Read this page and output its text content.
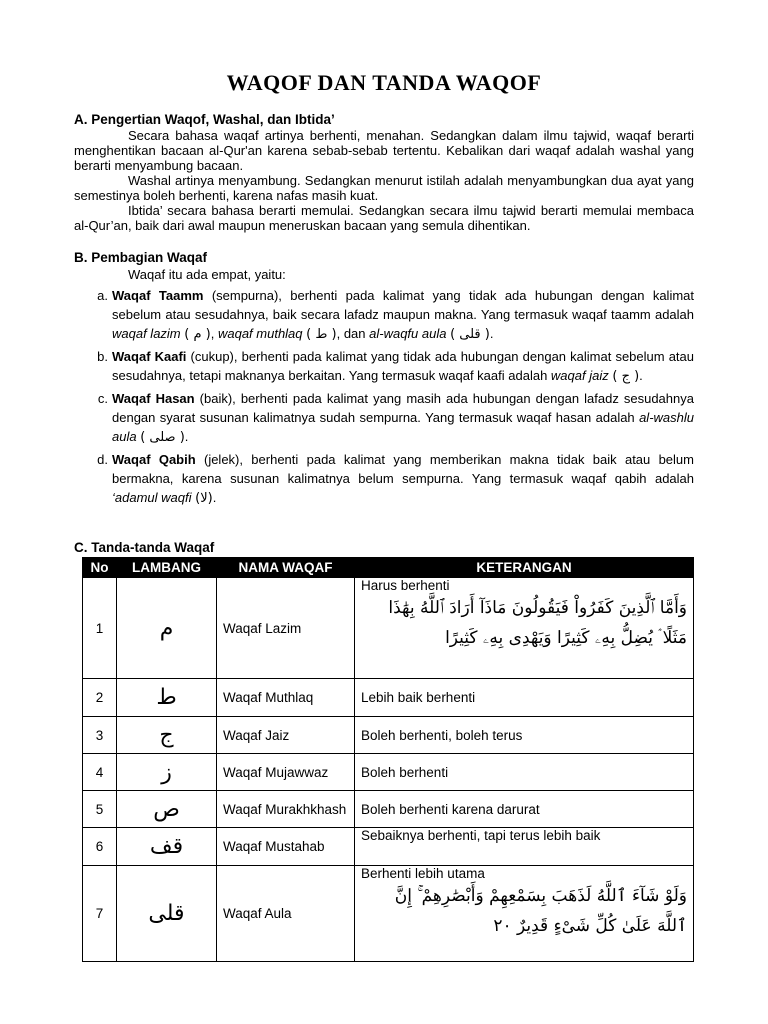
WAQOF DAN TANDA WAQOF

A. Pengertian Waqof, Washal, dan Ibtida’

Secara bahasa waqaf artinya berhenti, menahan. Sedangkan dalam ilmu tajwid, waqaf berarti menghentikan bacaan al-Qur'an karena sebab-sebab tertentu. Kebalikan dari waqaf adalah washal yang berarti menyambung bacaan.

Washal artinya menyambung. Sedangkan menurut istilah adalah menyambungkan dua ayat yang semestinya boleh berhenti, karena nafas masih kuat.

Ibtida’ secara bahasa berarti memulai. Sedangkan secara ilmu tajwid berarti memulai membaca al-Qur’an, baik dari awal maupun meneruskan bacaan yang semula dihentikan.

B. Pembagian Waqaf

Waqaf itu ada empat, yaitu:

a. Waqaf Taamm (sempurna), berhenti pada kalimat yang tidak ada hubungan dengan kalimat sebelum atau sesudahnya, baik secara lafadz maupun makna. Yang termasuk waqaf taamm adalah waqaf lazim ( م ), waqaf muthlaq ( ط ), dan al-waqfu aula ( قلى ).
b. Waqaf Kaafi (cukup), berhenti pada kalimat yang tidak ada hubungan dengan kalimat sebelum atau sesudahnya, tetapi maknanya berkaitan. Yang termasuk waqaf kaafi adalah waqaf jaiz ( ج ).
c. Waqaf Hasan (baik), berhenti pada kalimat yang masih ada hubungan dengan lafadz sesudahnya dengan syarat susunan kalimatnya sudah sempurna. Yang termasuk waqaf hasan adalah al-washlu aula ( صلى ).
d. Waqaf Qabih (jelek), berhenti pada kalimat yang memberikan makna tidak baik atau belum bermakna, karena susunan kalimatnya belum sempurna. Yang termasuk waqaf qabih adalah ‘adamul waqfi (لا).

C. Tanda-tanda Waqaf

No	LAMBANG	NAMA WAQAF	KETERANGAN
1	م	Waqaf Lazim	Harus berhenti
وَأَمَّا ٱلَّذِينَ كَفَرُواْ فَيَقُولُونَ مَاذَآ أَرَادَ ٱللَّهُ بِهَٰذَا مَثَلًا ۘ يُضِلُّ بِهِۦ كَثِيرًا وَيَهْدِى بِهِۦ كَثِيرًا

2	ط	Waqaf Muthlaq	Lebih baik berhenti
3	ج	Waqaf Jaiz	Boleh berhenti, boleh terus
4	ز	Waqaf Mujawwaz	Boleh berhenti
5	ص	Waqaf Murakhkhash	Boleh berhenti karena darurat
6	قف	Waqaf Mustahab	Sebaiknya berhenti, tapi terus lebih baik
7	قلى	Waqaf Aula	Berhenti lebih utama
وَلَوْ شَآءَ ٱللَّهُ لَذَهَبَ بِسَمْعِهِمْ وَأَبْصَٰرِهِمْ ۚ إِنَّ ٱللَّهَ عَلَىٰ كُلِّ شَىْءٍ قَدِيرٌ ٢٠
